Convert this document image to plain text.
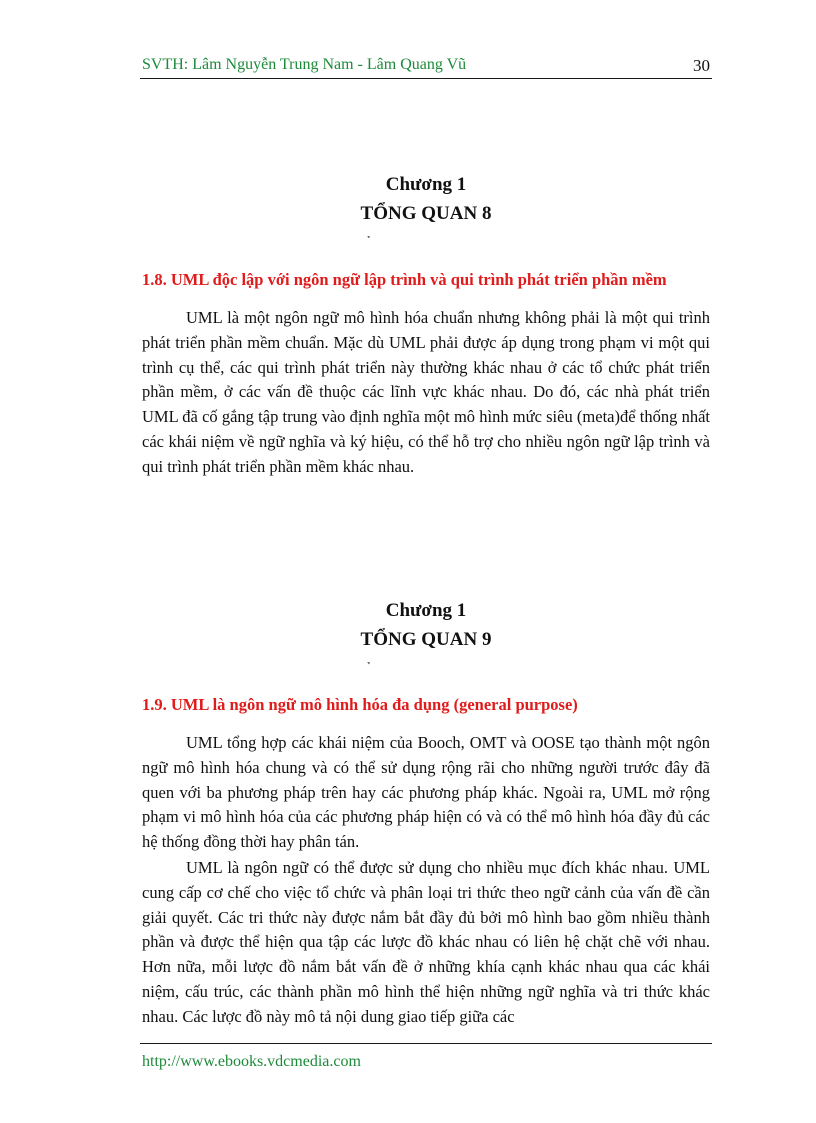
SVTH: Lâm Nguyễn Trung Nam - Lâm Quang Vũ	30
Chương 1
TỔNG QUAN 8
1.8. UML độc lập với ngôn ngữ lập trình và qui trình phát triển phần mềm

UML là một ngôn ngữ mô hình hóa chuẩn nhưng không phải là một qui trình phát triển phần mềm chuẩn. Mặc dù UML phải được áp dụng trong phạm vi một qui trình cụ thể, các qui trình phát triển này thường khác nhau ở các tổ chức phát triển phần mềm, ở các vấn đề thuộc các lĩnh vực khác nhau. Do đó, các nhà phát triển UML đã cố gắng tập trung vào định nghĩa một mô hình mức siêu (meta)để thống nhất các khái niệm về ngữ nghĩa và ký hiệu, có thể hỗ trợ cho nhiều ngôn ngữ lập trình và qui trình phát triển phần mềm khác nhau.

Chương 1
TỔNG QUAN 9
1.9. UML là ngôn ngữ mô hình hóa đa dụng (general purpose)

UML tổng hợp các khái niệm của Booch, OMT và OOSE tạo thành một ngôn ngữ mô hình hóa chung và có thể sử dụng rộng rãi cho những người trước đây đã quen với ba phương pháp trên hay các phương pháp khác. Ngoài ra, UML mở rộng phạm vi mô hình hóa của các phương pháp hiện có và có thể mô hình hóa đầy đủ các hệ thống đồng thời hay phân tán.

UML là ngôn ngữ có thể được sử dụng cho nhiều mục đích khác nhau. UML cung cấp cơ chế cho việc tổ chức và phân loại tri thức theo ngữ cảnh của vấn đề cần giải quyết. Các tri thức này được nắm bắt đầy đủ bởi mô hình bao gồm nhiều thành phần và được thể hiện qua tập các lược đồ khác nhau có liên hệ chặt chẽ với nhau. Hơn nữa, mỗi lược đồ nắm bắt vấn đề ở những khía cạnh khác nhau qua các khái niệm, cấu trúc, các thành phần mô hình thể hiện những ngữ nghĩa và tri thức khác nhau. Các lược đồ này mô tả nội dung giao tiếp giữa các

http://www.ebooks.vdcmedia.com
